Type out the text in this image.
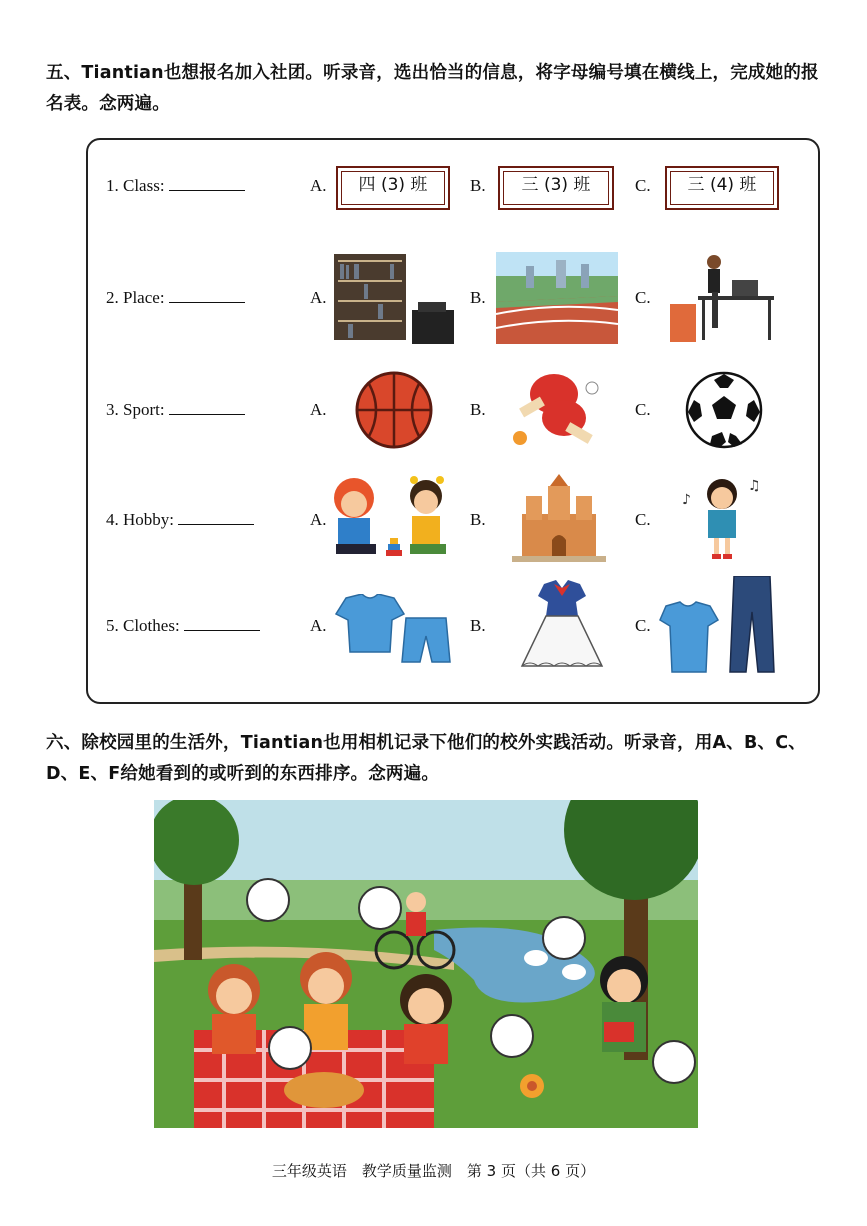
五、Tiantian也想报名加入社团。听录音，选出恰当的信息，将字母编号填在横线上，完成她的报名表。念两遍。
1. Class:	A.	四 (3) 班	B.	三 (3) 班	C.	三 (4) 班
2. Place:	A.	B.	C.
3. Sport:	A.	B.	C.
4. Hobby:	A.	B.	C.
♪
♫
5. Clothes:	A.	B.	C.
六、除校园里的生活外，Tiantian也用相机记录下他们的校外实践活动。听录音，用A、B、C、D、E、F给她看到的或听到的东西排序。念两遍。
三年级英语　教学质量监测　第 3 页（共 6 页）
